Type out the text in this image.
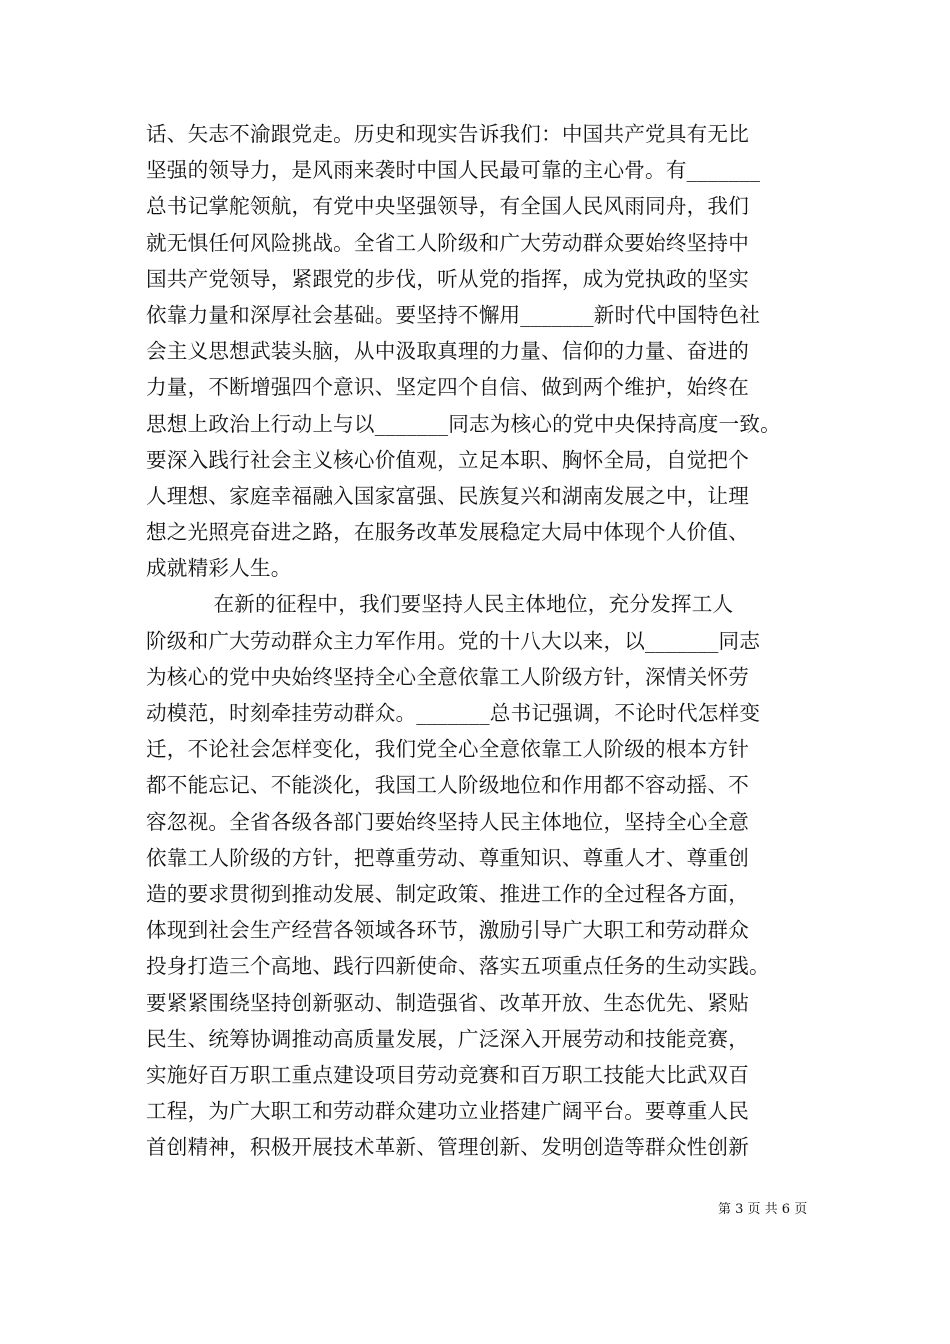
话、矢志不渝跟党走。历史和现实告诉我们：中国共产党具有无比
坚强的领导力，是风雨来袭时中国人民最可靠的主心骨。有_______
总书记掌舵领航，有党中央坚强领导，有全国人民风雨同舟，我们
就无惧任何风险挑战。全省工人阶级和广大劳动群众要始终坚持中
国共产党领导，紧跟党的步伐，听从党的指挥，成为党执政的坚实
依靠力量和深厚社会基础。要坚持不懈用_______新时代中国特色社
会主义思想武装头脑，从中汲取真理的力量、信仰的力量、奋进的
力量，不断增强四个意识、坚定四个自信、做到两个维护，始终在
思想上政治上行动上与以_______同志为核心的党中央保持高度一致。
要深入践行社会主义核心价值观，立足本职、胸怀全局，自觉把个
人理想、家庭幸福融入国家富强、民族复兴和湖南发展之中，让理
想之光照亮奋进之路，在服务改革发展稳定大局中体现个人价值、
成就精彩人生。
在新的征程中，我们要坚持人民主体地位，充分发挥工人
阶级和广大劳动群众主力军作用。党的十八大以来，以_______同志
为核心的党中央始终坚持全心全意依靠工人阶级方针，深情关怀劳
动模范，时刻牵挂劳动群众。_______总书记强调，不论时代怎样变
迁，不论社会怎样变化，我们党全心全意依靠工人阶级的根本方针
都不能忘记、不能淡化，我国工人阶级地位和作用都不容动摇、不
容忽视。全省各级各部门要始终坚持人民主体地位，坚持全心全意
依靠工人阶级的方针，把尊重劳动、尊重知识、尊重人才、尊重创
造的要求贯彻到推动发展、制定政策、推进工作的全过程各方面，
体现到社会生产经营各领域各环节，激励引导广大职工和劳动群众
投身打造三个高地、践行四新使命、落实五项重点任务的生动实践。
要紧紧围绕坚持创新驱动、制造强省、改革开放、生态优先、紧贴
民生、统筹协调推动高质量发展，广泛深入开展劳动和技能竞赛，
实施好百万职工重点建设项目劳动竞赛和百万职工技能大比武双百
工程，为广大职工和劳动群众建功立业搭建广阔平台。要尊重人民
首创精神，积极开展技术革新、管理创新、发明创造等群众性创新
第 3 页 共 6 页
